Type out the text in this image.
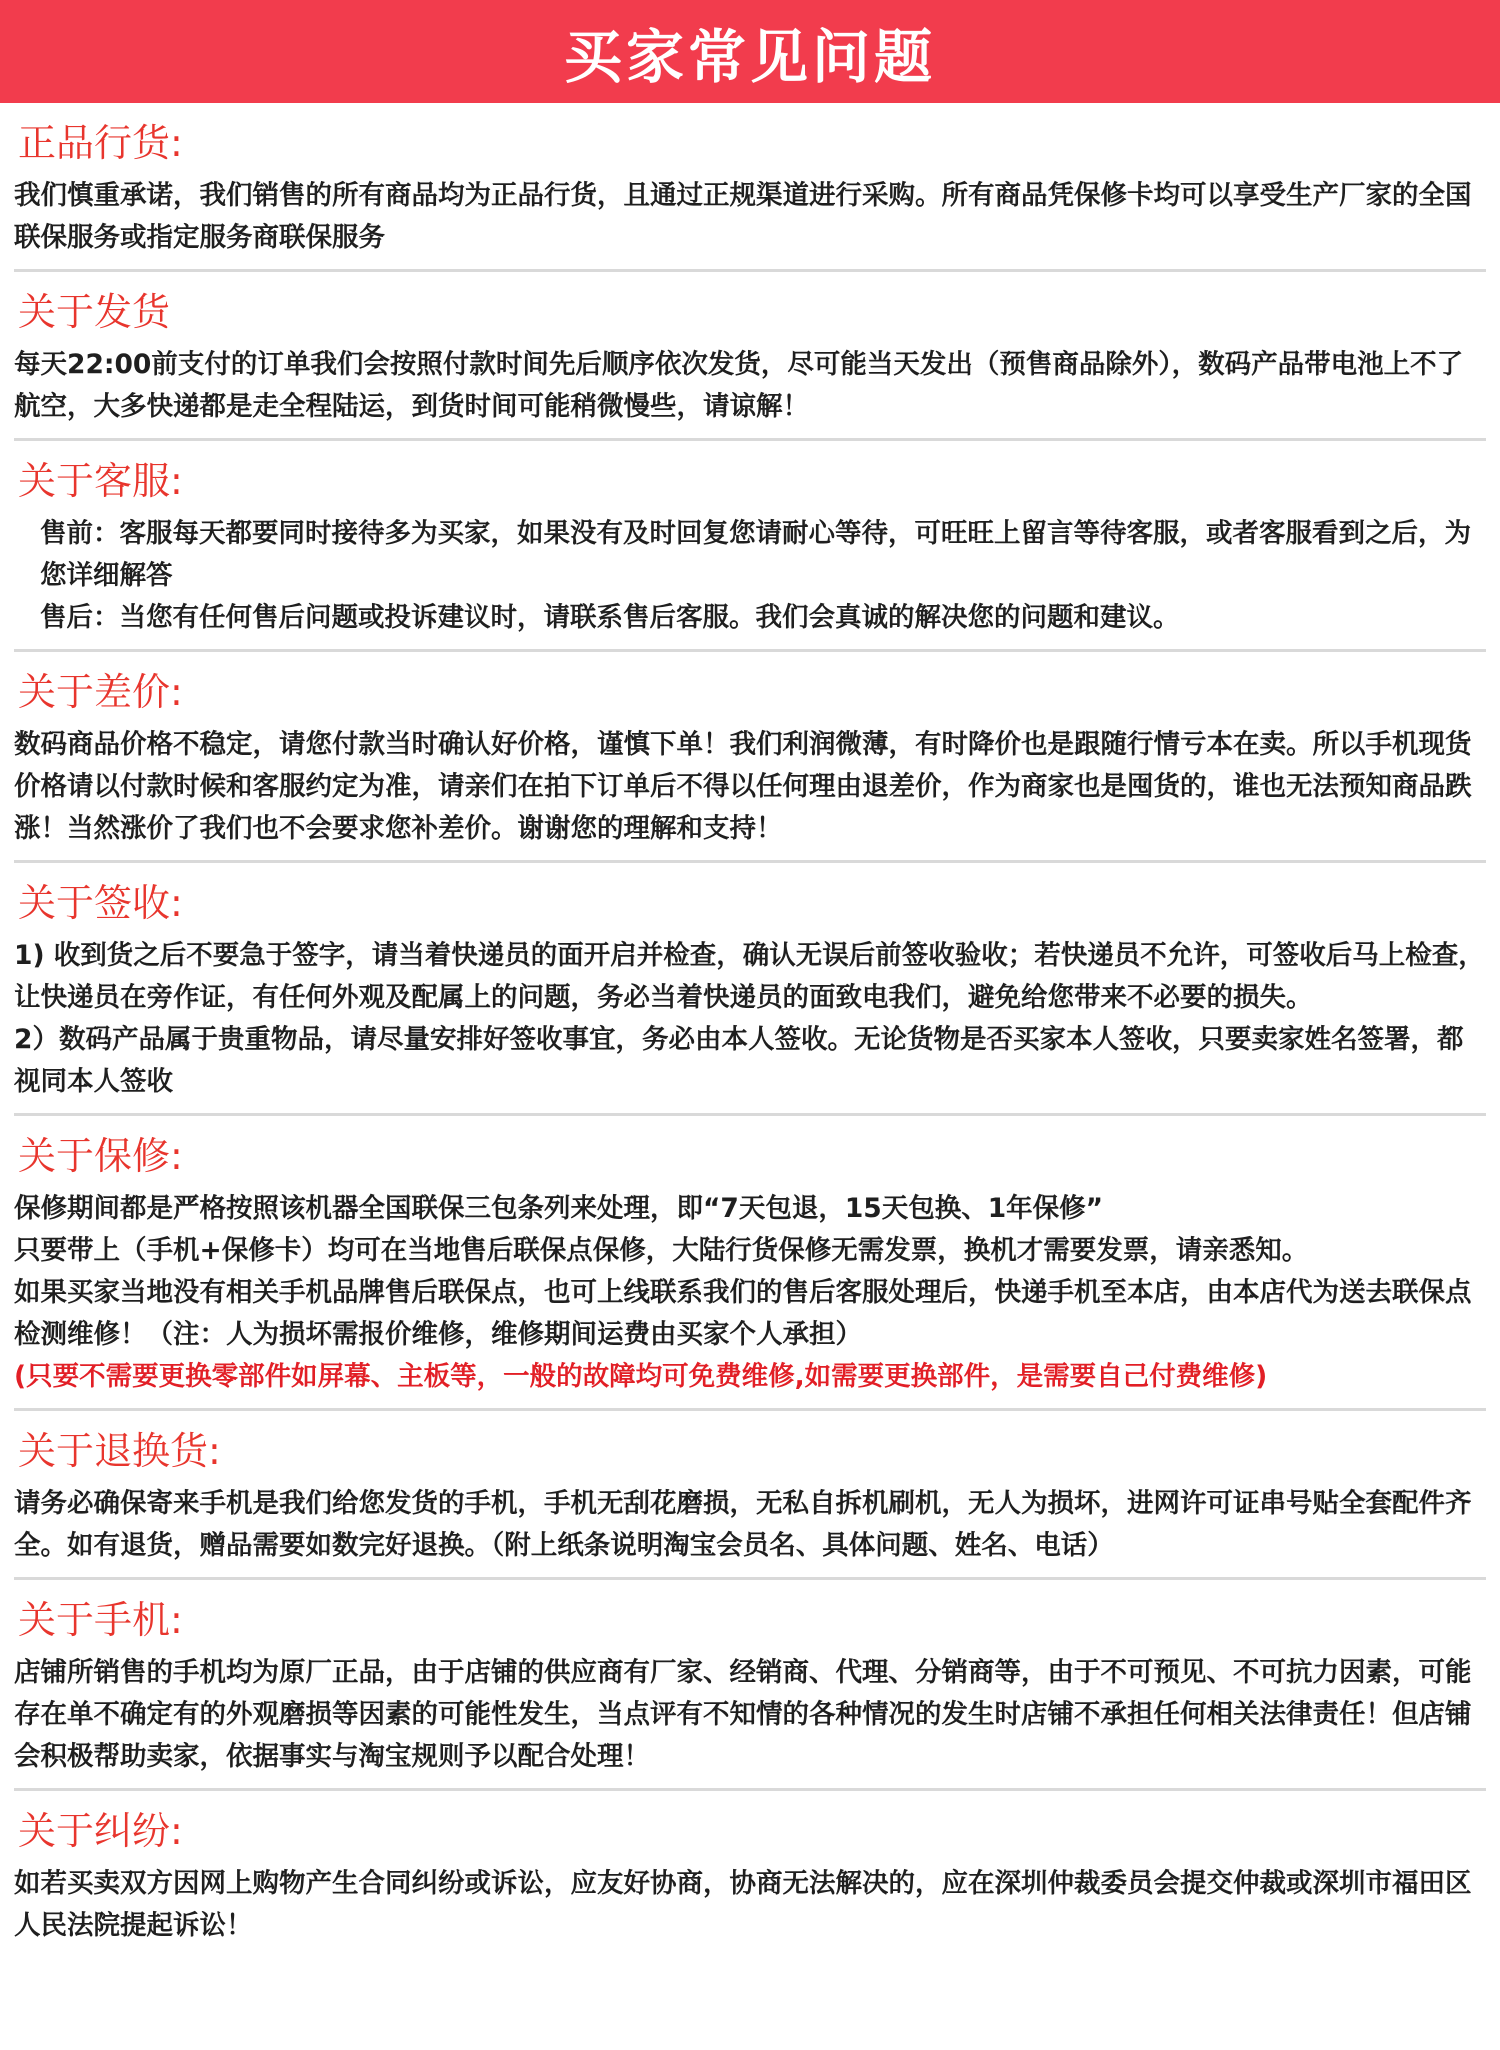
买家常见问题
正品行货:

我们慎重承诺，我们销售的所有商品均为正品行货，且通过正规渠道进行采购。所有商品凭保修卡均可以享受生产厂家的全国联保服务或指定服务商联保服务

关于发货

每天22:00前支付的订单我们会按照付款时间先后顺序依次发货，尽可能当天发出（预售商品除外），数码产品带电池上不了航空，大多快递都是走全程陆运，到货时间可能稍微慢些，请谅解！

关于客服:

售前：客服每天都要同时接待多为买家，如果没有及时回复您请耐心等待，可旺旺上留言等待客服，或者客服看到之后，为您详细解答

售后：当您有任何售后问题或投诉建议时，请联系售后客服。我们会真诚的解决您的问题和建议。

关于差价:

数码商品价格不稳定，请您付款当时确认好价格，谨慎下单！我们利润微薄，有时降价也是跟随行情亏本在卖。所以手机现货价格请以付款时候和客服约定为准，请亲们在拍下订单后不得以任何理由退差价，作为商家也是囤货的，谁也无法预知商品跌涨！当然涨价了我们也不会要求您补差价。谢谢您的理解和支持！

关于签收:

1) 收到货之后不要急于签字，请当着快递员的面开启并检查，确认无误后前签收验收；若快递员不允许，可签收后马上检查，让快递员在旁作证，有任何外观及配属上的问题，务必当着快递员的面致电我们，避免给您带来不必要的损失。

2）数码产品属于贵重物品，请尽量安排好签收事宜，务必由本人签收。无论货物是否买家本人签收，只要卖家姓名签署，都视同本人签收

关于保修:

保修期间都是严格按照该机器全国联保三包条列来处理，即“7天包退，15天包换、1年保修”

只要带上（手机+保修卡）均可在当地售后联保点保修，大陆行货保修无需发票，换机才需要发票，请亲悉知。

如果买家当地没有相关手机品牌售后联保点，也可上线联系我们的售后客服处理后，快递手机至本店，由本店代为送去联保点检测维修！（注：人为损坏需报价维修，维修期间运费由买家个人承担）

(只要不需要更换零部件如屏幕、主板等，一般的故障均可免费维修,如需要更换部件，是需要自己付费维修)

关于退换货:

请务必确保寄来手机是我们给您发货的手机，手机无刮花磨损，无私自拆机刷机，无人为损坏，进网许可证串号贴全套配件齐全。如有退货，赠品需要如数完好退换。（附上纸条说明淘宝会员名、具体问题、姓名、电话）

关于手机:

店铺所销售的手机均为原厂正品，由于店铺的供应商有厂家、经销商、代理、分销商等，由于不可预见、不可抗力因素，可能存在单不确定有的外观磨损等因素的可能性发生，当点评有不知情的各种情况的发生时店铺不承担任何相关法律责任！但店铺会积极帮助卖家，依据事实与淘宝规则予以配合处理！

关于纠纷:

如若买卖双方因网上购物产生合同纠纷或诉讼，应友好协商，协商无法解决的，应在深圳仲裁委员会提交仲裁或深圳市福田区人民法院提起诉讼！
